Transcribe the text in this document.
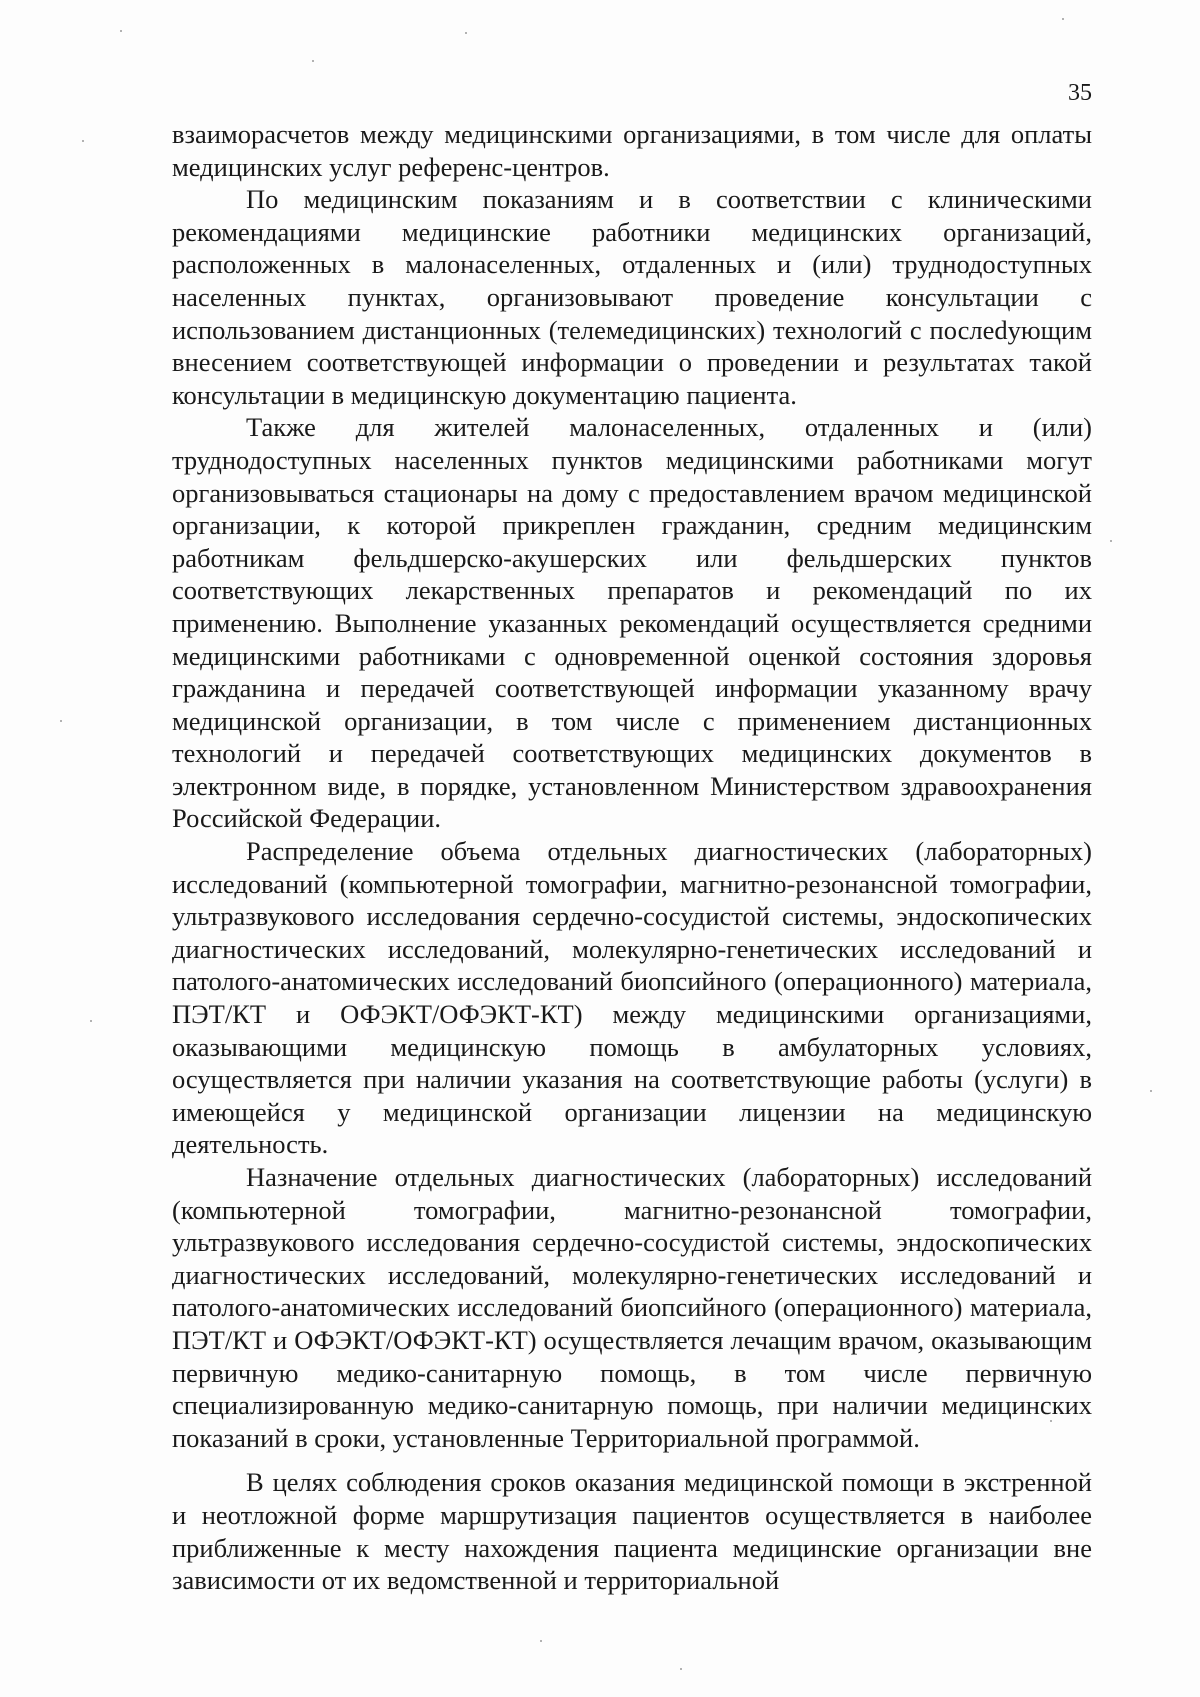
35

взаиморасчетов между медицинскими организациями, в том числе для оплаты медицинских услуг референс-центров.

По медицинским показаниям и в соответствии с клиническими рекомендациями медицинские работники медицинских организаций, расположенных в малонаселенных, отдаленных и (или) труднодоступных населенных пунктах, организовывают проведение консультации с использованием дистанционных (телемедицинских) технологий с послеdующим внесением соответствующей информации о проведении и результатах такой консультации в медицинскую документацию пациента.

Также для жителей малонаселенных, отдаленных и (или) труднодоступных населенных пунктов медицинскими работниками могут организовываться стационары на дому с предоставлением врачом медицинской организации, к которой прикреплен гражданин, средним медицинским работникам фельдшерско-акушерских или фельдшерских пунктов соответствующих лекарственных препаратов и рекомендаций по их применению. Выполнение указанных рекомендаций осуществляется средними медицинскими работниками с одновременной оценкой состояния здоровья гражданина и передачей соответствующей информации указанному врачу медицинской организации, в том числе с применением дистанционных технологий и передачей соответствующих медицинских документов в электронном виде, в порядке, установленном Министерством здравоохранения Российской Федерации.

Распределение объема отдельных диагностических (лабораторных) исследований (компьютерной томографии, магнитно-резонансной томографии, ультразвукового исследования сердечно-сосудистой системы, эндоскопических диагностических исследований, молекулярно-генетических исследований и патолого-анатомических исследований биопсийного (операционного) материала, ПЭТ/КТ и ОФЭКТ/ОФЭКТ-КТ) между медицинскими организациями, оказывающими медицинскую помощь в амбулаторных условиях, осуществляется при наличии указания на соответствующие работы (услуги) в имеющейся у медицинской организации лицензии на медицинскую деятельность.

Назначение отдельных диагностических (лабораторных) исследований (компьютерной томографии, магнитно-резонансной томографии, ультразвукового исследования сердечно-сосудистой системы, эндоскопических диагностических исследований, молекулярно-генетических исследований и патолого-анатомических исследований биопсийного (операционного) материала, ПЭТ/КТ и ОФЭКТ/ОФЭКТ-КТ) осуществляется лечащим врачом, оказывающим первичную медико-санитарную помощь, в том числе первичную специализированную медико-санитарную помощь, при наличии медицинских показаний в сроки, установленные Территориальной программой.

В целях соблюдения сроков оказания медицинской помощи в экстренной и неотложной форме маршрутизация пациентов осуществляется в наиболее приближенные к месту нахождения пациента медицинские организации вне зависимости от их ведомственной и территориальной
